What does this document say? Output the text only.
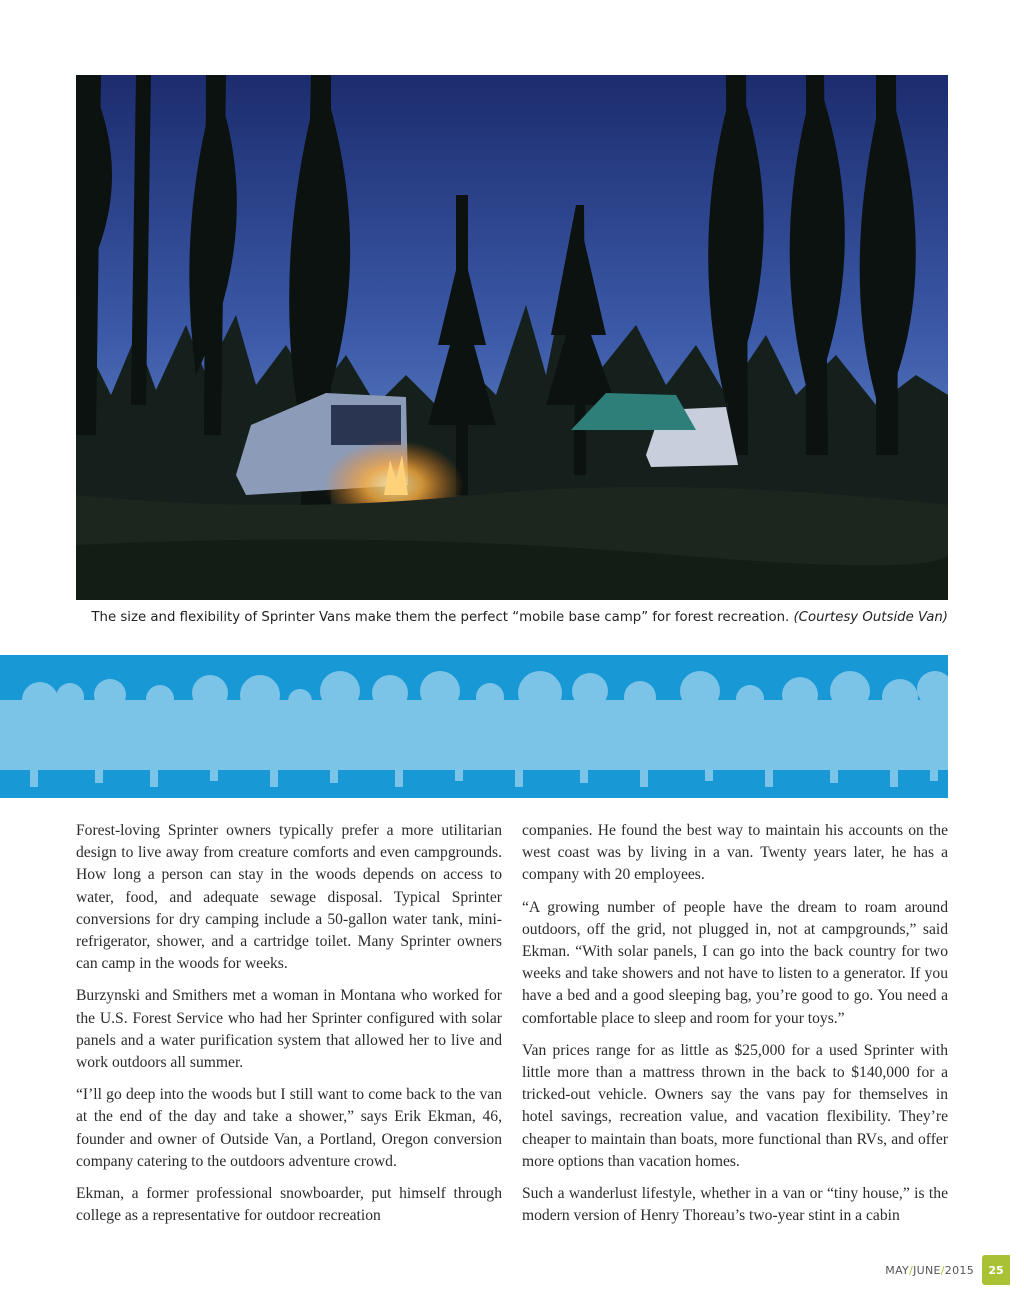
The size and flexibility of Sprinter Vans make them the perfect “mobile base camp” for forest recreation. (Courtesy Outside Van)

Forest-loving Sprinter owners typically prefer a more utilitarian design to live away from creature comforts and even campgrounds. How long a person can stay in the woods depends on access to water, food, and adequate sewage disposal. Typical Sprinter conversions for dry camping include a 50-gallon water tank, mini-refrigerator, shower, and a cartridge toilet. Many Sprinter owners can camp in the woods for weeks.

Burzynski and Smithers met a woman in Montana who worked for the U.S. Forest Service who had her Sprinter configured with solar panels and a water purification system that allowed her to live and work outdoors all summer.

“I’ll go deep into the woods but I still want to come back to the van at the end of the day and take a shower,” says Erik Ekman, 46, founder and owner of Outside Van, a Portland, Oregon conversion company catering to the outdoors adventure crowd.

Ekman, a former professional snowboarder, put himself through college as a representative for outdoor recreation

companies. He found the best way to maintain his accounts on the west coast was by living in a van. Twenty years later, he has a company with 20 employees.

“A growing number of people have the dream to roam around outdoors, off the grid, not plugged in, not at campgrounds,” said Ekman. “With solar panels, I can go into the back country for two weeks and take showers and not have to listen to a generator. If you have a bed and a good sleeping bag, you’re good to go. You need a comfortable place to sleep and room for your toys.”

Van prices range for as little as $25,000 for a used Sprinter with little more than a mattress thrown in the back to $140,000 for a tricked-out vehicle. Owners say the vans pay for themselves in hotel savings, recreation value, and vacation flexibility. They’re cheaper to maintain than boats, more functional than RVs, and offer more options than vacation homes.

Such a wanderlust lifestyle, whether in a van or “tiny house,” is the modern version of Henry Thoreau’s two-year stint in a cabin

MAY/JUNE/2015	25
